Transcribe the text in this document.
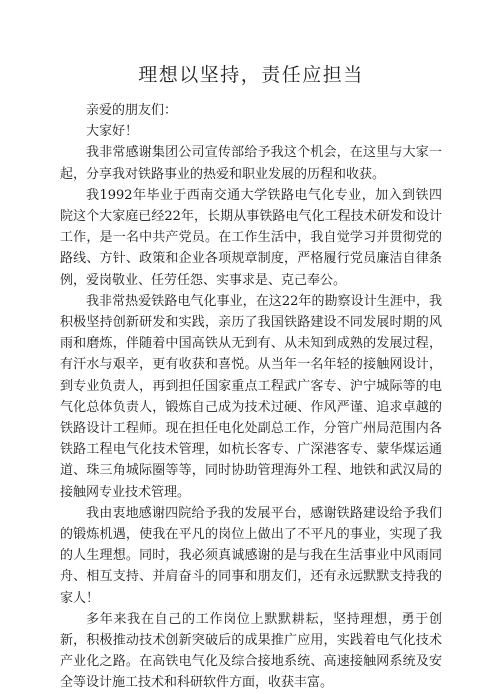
理想以坚持，责任应担当

亲爱的朋友们：

大家好！

我非常感谢集团公司宣传部给予我这个机会，在这里与大家一起，分享我对铁路事业的热爱和职业发展的历程和收获。

我1992年毕业于西南交通大学铁路电气化专业，加入到铁四院这个大家庭已经22年，长期从事铁路电气化工程技术研发和设计工作，是一名中共产党员。在工作生活中，我自觉学习并贯彻党的路线、方针、政策和企业各项规章制度，严格履行党员廉洁自律条例，爱岗敬业、任劳任怨、实事求是、克己奉公。

我非常热爱铁路电气化事业，在这22年的勘察设计生涯中，我积极坚持创新研发和实践，亲历了我国铁路建设不同发展时期的风雨和磨炼，伴随着中国高铁从无到有、从未知到成熟的发展过程，有汗水与艰辛，更有收获和喜悦。从当年一名年轻的接触网设计，到专业负责人，再到担任国家重点工程武广客专、沪宁城际等的电气化总体负责人，锻炼自己成为技术过硬、作风严谨、追求卓越的铁路设计工程师。现在担任电化处副总工作，分管广州局范围内各铁路工程电气化技术管理，如杭长客专、广深港客专、蒙华煤运通道、珠三角城际圈等等，同时协助管理海外工程、地铁和武汉局的接触网专业技术管理。

我由衷地感谢四院给予我的发展平台，感谢铁路建设给予我们的锻炼机遇，使我在平凡的岗位上做出了不平凡的事业，实现了我的人生理想。同时，我必须真诚感谢的是与我在生活事业中风雨同舟、相互支持、并肩奋斗的同事和朋友们，还有永远默默支持我的家人！

多年来我在自己的工作岗位上默默耕耘，坚持理想，勇于创新，积极推动技术创新突破后的成果推广应用，实践着电气化技术产业化之路。在高铁电气化及综合接地系统、高速接触网系统及安全等设计施工技术和科研软件方面，收获丰富。
